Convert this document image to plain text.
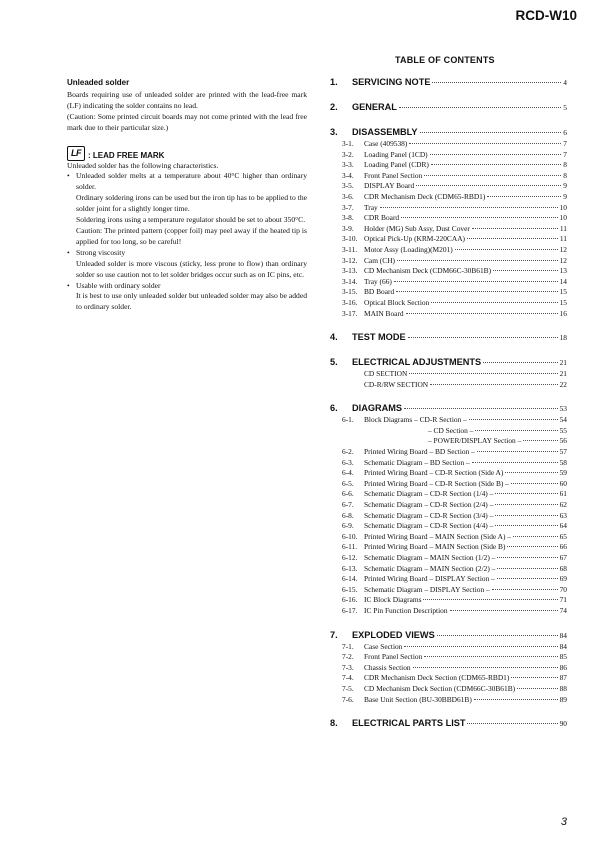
RCD-W10
Unleaded solder

Boards requiring use of unleaded solder are printed with the lead-free mark (LF) indicating the solder contains no lead.

(Caution: Some printed circuit boards may not come printed with the lead free mark due to their particular size.)

LF : LEAD FREE MARK

Unleaded solder has the following characteristics.

• Unleaded solder melts at a temperature about 40°C higher than ordinary solder.
Ordinary soldering irons can be used but the iron tip has to be applied to the solder joint for a slightly longer time.
Soldering irons using a temperature regulator should be set to about 350°C.
Caution: The printed pattern (copper foil) may peel away if the heated tip is applied for too long, so be careful!
• Strong viscosity
Unleaded solder is more viscous (sticky, less prone to flow) than ordinary solder so use caution not to let solder bridges occur such as on IC pins, etc.
• Usable with ordinary solder
It is best to use only unleaded solder but unleaded solder may also be added to ordinary solder.
TABLE OF CONTENTS
1.	SERVICING NOTE	4
2.	GENERAL	5
3.	DISASSEMBLY	6
3-1.	Case (409538)	7
3-2.	Loading Panel (1CD)	7
3-3.	Loading Panel (CDR)	8
3-4.	Front Panel Section	8
3-5.	DISPLAY Board	9
3-6.	CDR Mechanism Deck (CDM65-RBD1)	9
3-7.	Tray	10
3-8.	CDR Board	10
3-9.	Holder (MG) Sub Assy, Dust Cover	11
3-10. Optical Pick-Up (KRM-220CAA)	11
3-11. Motor Assy (Loading)(M201)	12
3-12. Cam (CH)	12
3-13. CD Mechanism Deck (CDM66C-30B61B)	13
3-14. Tray (66)	14
3-15. BD Board	15
3-16. Optical Block Section	15
3-17. MAIN Board	16
4.	TEST MODE	18
5.	ELECTRICAL ADJUSTMENTS	21
CD SECTION	21
CD-R/RW SECTION	22
6.	DIAGRAMS	53
6-1.	Block Diagrams – CD-R Section –	54
– CD Section –	55
– POWER/DISPLAY Section –	56
6-2.	Printed Wiring Board – BD Section –	57
6-3.	Schematic Diagram – BD Section –	58
6-4.	Printed Wiring Board – CD-R Section (Side A)	59
6-5.	Printed Wiring Board – CD-R Section (Side B) –	60
6-6.	Schematic Diagram – CD-R Section (1/4) –	61
6-7.	Schematic Diagram – CD-R Section (2/4) –	62
6-8.	Schematic Diagram – CD-R Section (3/4) –	63
6-9.	Schematic Diagram – CD-R Section (4/4) –	64
6-10. Printed Wiring Board – MAIN Section (Side A) –	65
6-11. Printed Wiring Board – MAIN Section (Side B)	66
6-12. Schematic Diagram – MAIN Section (1/2) –	67
6-13. Schematic Diagram – MAIN Section (2/2) –	68
6-14. Printed Wiring Board – DISPLAY Section –	69
6-15. Schematic Diagram – DISPLAY Section –	70
6-16. IC Block Diagrams	71
6-17. IC Pin Function Description	74
7.	EXPLODED VIEWS	84
7-1.	Case Section	84
7-2.	Front Panel Section	85
7-3.	Chassis Section	86
7-4.	CDR Mechanism Deck Section (CDM65-RBD1)	87
7-5.	CD Mechanism Deck Section (CDM66C-30B61B)	88
7-6.	Base Unit Section (BU-30BBD61B)	89
8.	ELECTRICAL PARTS LIST	90
3
